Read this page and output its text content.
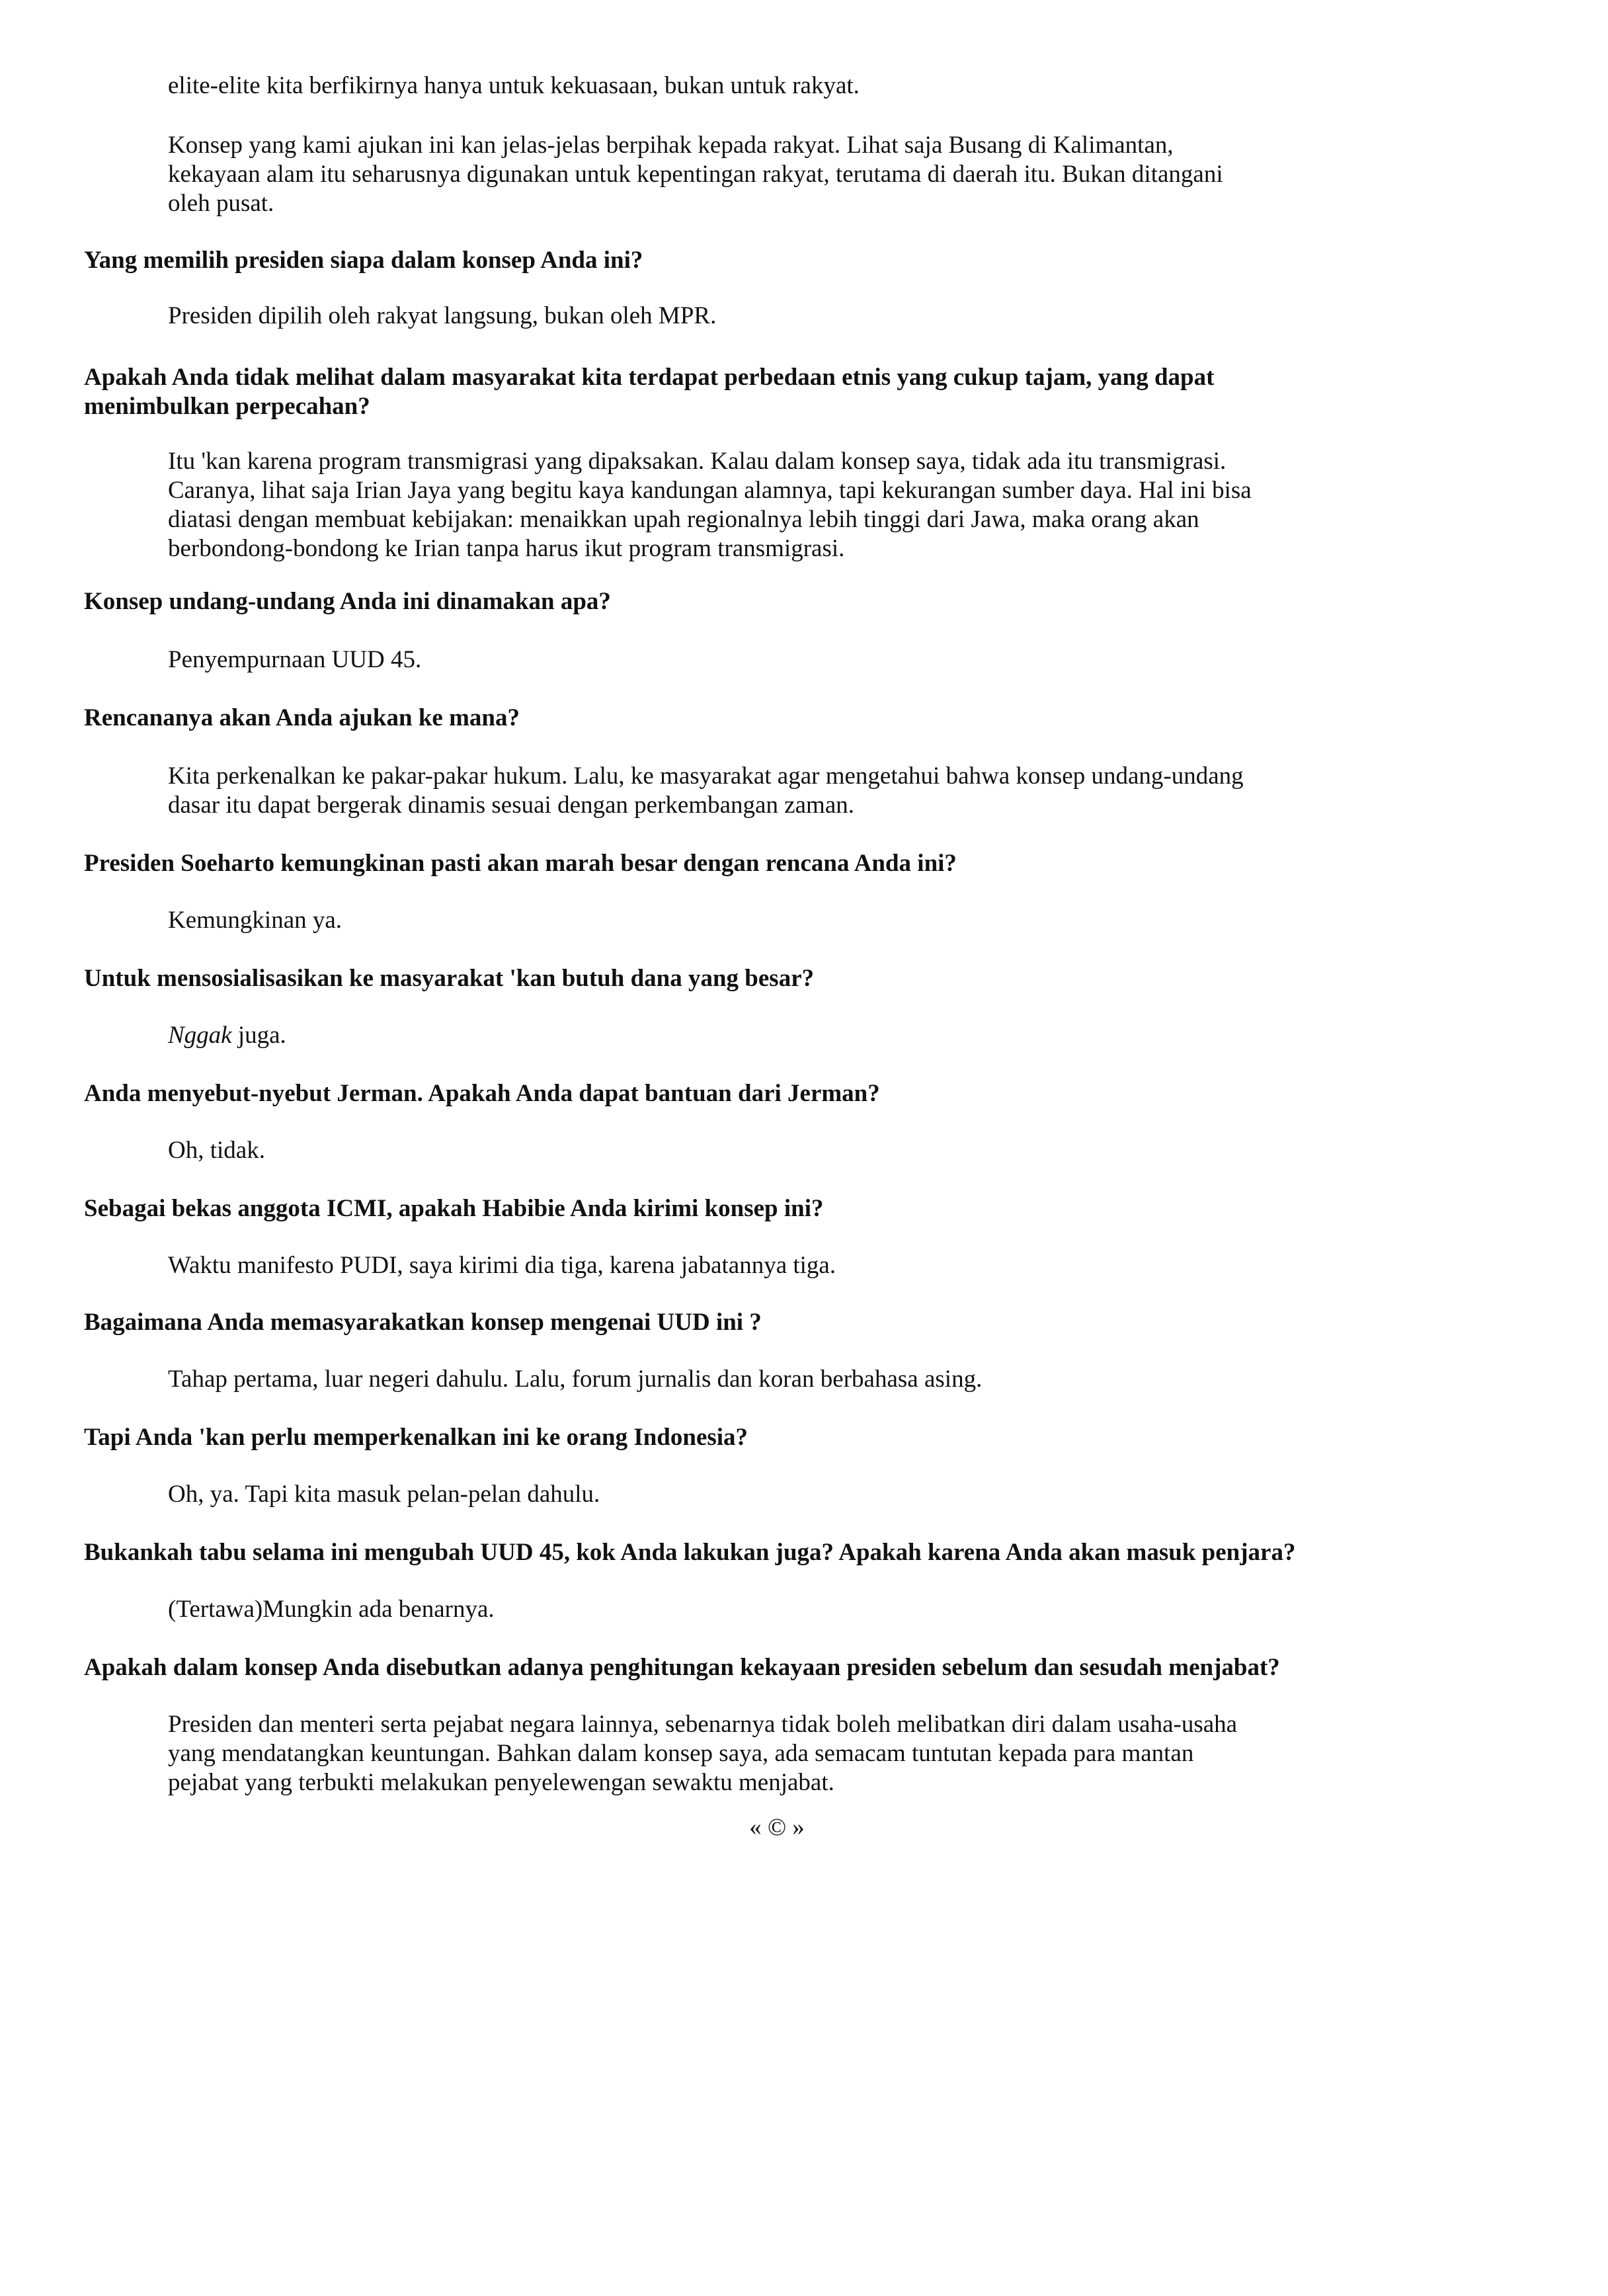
elite-elite kita berfikirnya hanya untuk kekuasaan, bukan untuk rakyat.

Konsep yang kami ajukan ini kan jelas-jelas berpihak kepada rakyat. Lihat saja Busang di Kalimantan,
kekayaan alam itu seharusnya digunakan untuk kepentingan rakyat, terutama di daerah itu. Bukan ditangani
oleh pusat.

Yang memilih presiden siapa dalam konsep Anda ini?

Presiden dipilih oleh rakyat langsung, bukan oleh MPR.

Apakah Anda tidak melihat dalam masyarakat kita terdapat perbedaan etnis yang cukup tajam, yang dapat
menimbulkan perpecahan?

Itu 'kan karena program transmigrasi yang dipaksakan. Kalau dalam konsep saya, tidak ada itu transmigrasi.
Caranya, lihat saja Irian Jaya yang begitu kaya kandungan alamnya, tapi kekurangan sumber daya. Hal ini bisa
diatasi dengan membuat kebijakan: menaikkan upah regionalnya lebih tinggi dari Jawa, maka orang akan
berbondong-bondong ke Irian tanpa harus ikut program transmigrasi.

Konsep undang-undang Anda ini dinamakan apa?

Penyempurnaan UUD 45.

Rencananya akan Anda ajukan ke mana?

Kita perkenalkan ke pakar-pakar hukum. Lalu, ke masyarakat agar mengetahui bahwa konsep undang-undang
dasar itu dapat bergerak dinamis sesuai dengan perkembangan zaman.

Presiden Soeharto kemungkinan pasti akan marah besar dengan rencana Anda ini?

Kemungkinan ya.

Untuk mensosialisasikan ke masyarakat 'kan butuh dana yang besar?

Nggak juga.

Anda menyebut-nyebut Jerman. Apakah Anda dapat bantuan dari Jerman?

Oh, tidak.

Sebagai bekas anggota ICMI, apakah Habibie Anda kirimi konsep ini?

Waktu manifesto PUDI, saya kirimi dia tiga, karena jabatannya tiga.

Bagaimana Anda memasyarakatkan konsep mengenai UUD ini ?

Tahap pertama, luar negeri dahulu. Lalu, forum jurnalis dan koran berbahasa asing.

Tapi Anda 'kan perlu memperkenalkan ini ke orang Indonesia?

Oh, ya. Tapi kita masuk pelan-pelan dahulu.

Bukankah tabu selama ini mengubah UUD 45, kok Anda lakukan juga? Apakah karena Anda akan masuk penjara?

(Tertawa)Mungkin ada benarnya.

Apakah dalam konsep Anda disebutkan adanya penghitungan kekayaan presiden sebelum dan sesudah menjabat?

Presiden dan menteri serta pejabat negara lainnya, sebenarnya tidak boleh melibatkan diri dalam usaha-usaha
yang mendatangkan keuntungan. Bahkan dalam konsep saya, ada semacam tuntutan kepada para mantan
pejabat yang terbukti melakukan penyelewengan sewaktu menjabat.

« © »
